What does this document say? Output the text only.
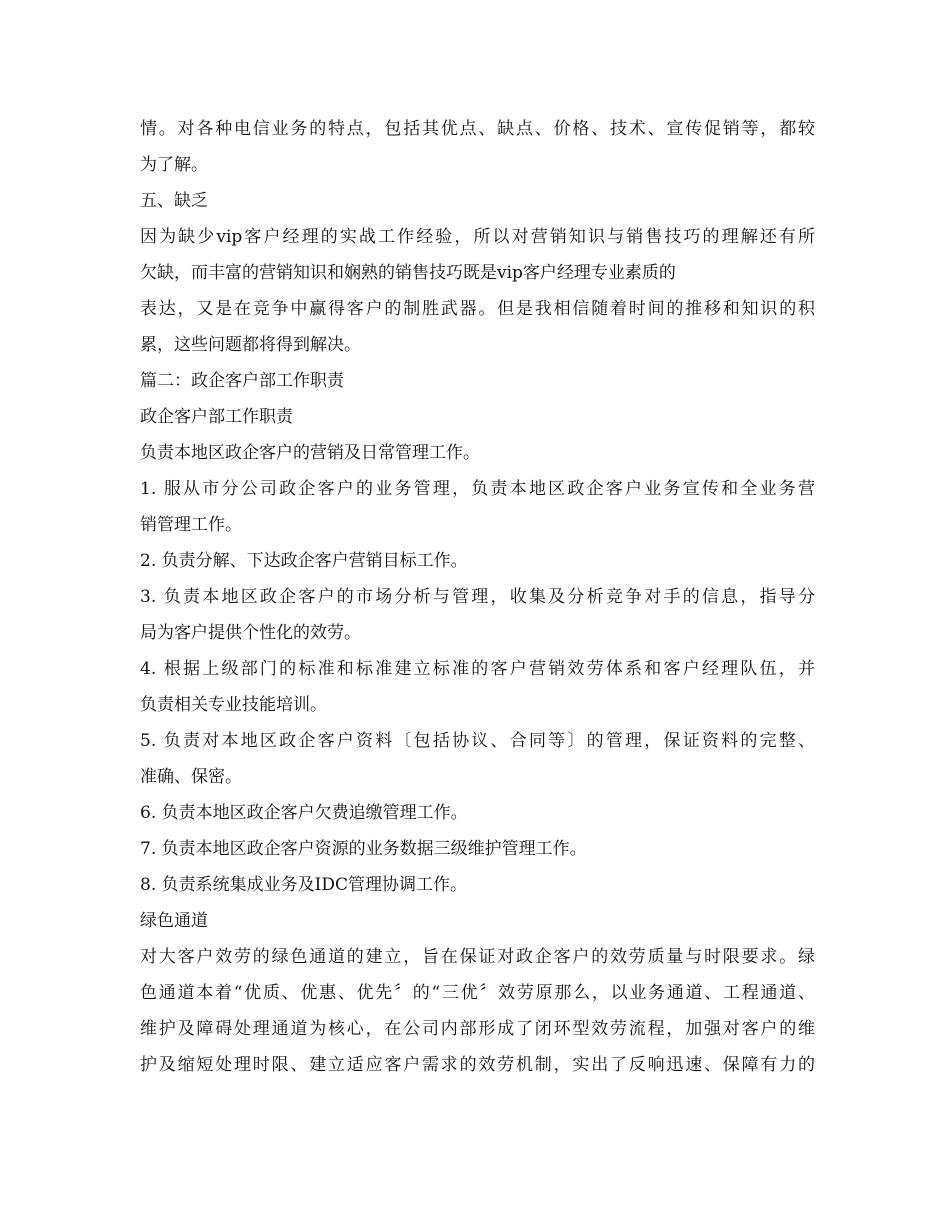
情。对各种电信业务的特点，包括其优点、缺点、价格、技术、宣传促销等，都较
为了解。
五、缺乏
因为缺少vip客户经理的实战工作经验，所以对营销知识与销售技巧的理解还有所
欠缺，而丰富的营销知识和娴熟的销售技巧既是vip客户经理专业素质的
表达，又是在竞争中赢得客户的制胜武器。但是我相信随着时间的推移和知识的积
累，这些问题都将得到解决。
篇二：政企客户部工作职责
政企客户部工作职责
负责本地区政企客户的营销及日常管理工作。
1. 服从市分公司政企客户的业务管理，负责本地区政企客户业务宣传和全业务营
销管理工作。
2. 负责分解、下达政企客户营销目标工作。
3. 负责本地区政企客户的市场分析与管理，收集及分析竞争对手的信息，指导分
局为客户提供个性化的效劳。
4. 根据上级部门的标准和标准建立标准的客户营销效劳体系和客户经理队伍，并
负责相关专业技能培训。
5. 负责对本地区政企客户资料〔包括协议、合同等〕的管理，保证资料的完整、
准确、保密。
6. 负责本地区政企客户欠费追缴管理工作。
7. 负责本地区政企客户资源的业务数据三级维护管理工作。
8. 负责系统集成业务及IDC管理协调工作。
绿色通道
对大客户效劳的绿色通道的建立，旨在保证对政企客户的效劳质量与时限要求。绿
色通道本着“优质、优惠、优先〞的“三优〞效劳原那么，以业务通道、工程通道、
维护及障碍处理通道为核心，在公司内部形成了闭环型效劳流程，加强对客户的维
护及缩短处理时限、建立适应客户需求的效劳机制，实出了反响迅速、保障有力的
